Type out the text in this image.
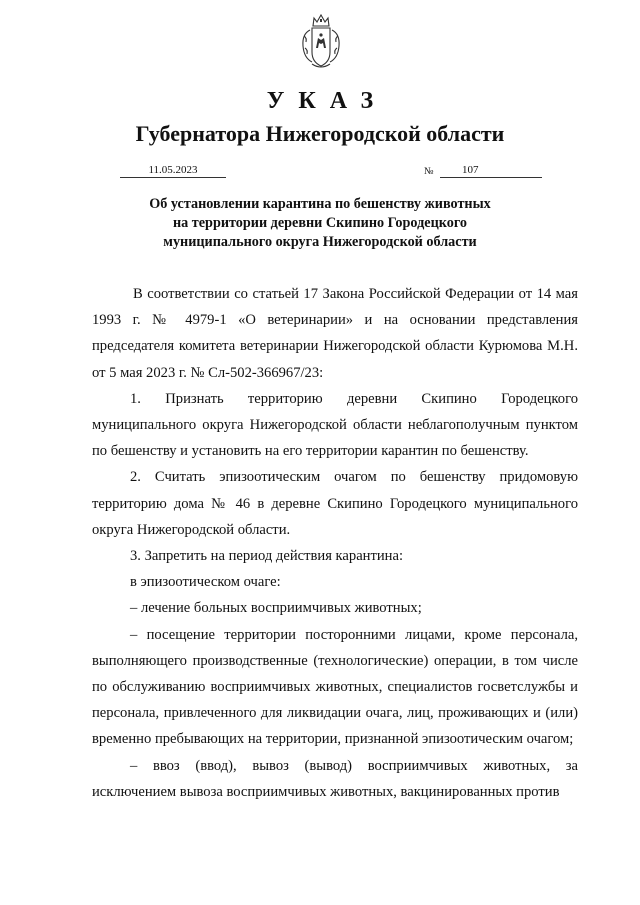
УКАЗ
Губернатора Нижегородской области
11.05.2023	№	107
Об установлении карантина по бешенству животных
на территории деревни Скипино Городецкого
муниципального округа Нижегородской области

В соответствии со статьей 17 Закона Российской Федерации от 14 мая 1993 г. № 4979-1 «О ветеринарии» и на основании представления председателя комитета ветеринарии Нижегородской области Курюмова М.Н. от 5 мая 2023 г. № Сл-502-366967/23:

1. Признать территорию деревни Скипино Городецкого муниципального округа Нижегородской области неблагополучным пунктом по бешенству и установить на его территории карантин по бешенству.

2. Считать эпизоотическим очагом по бешенству придомовую территорию дома № 46 в деревне Скипино Городецкого муниципального округа Нижегородской области.

3. Запретить на период действия карантина:

в эпизоотическом очаге:

– лечение больных восприимчивых животных;

– посещение территории посторонними лицами, кроме персонала, выполняющего производственные (технологические) операции, в том числе по обслуживанию восприимчивых животных, специалистов госветслужбы и персонала, привлеченного для ликвидации очага, лиц, проживающих и (или) временно пребывающих на территории, признанной эпизоотическим очагом;

– ввоз (ввод), вывоз (вывод) восприимчивых животных, за исключением вывоза восприимчивых животных, вакцинированных против
